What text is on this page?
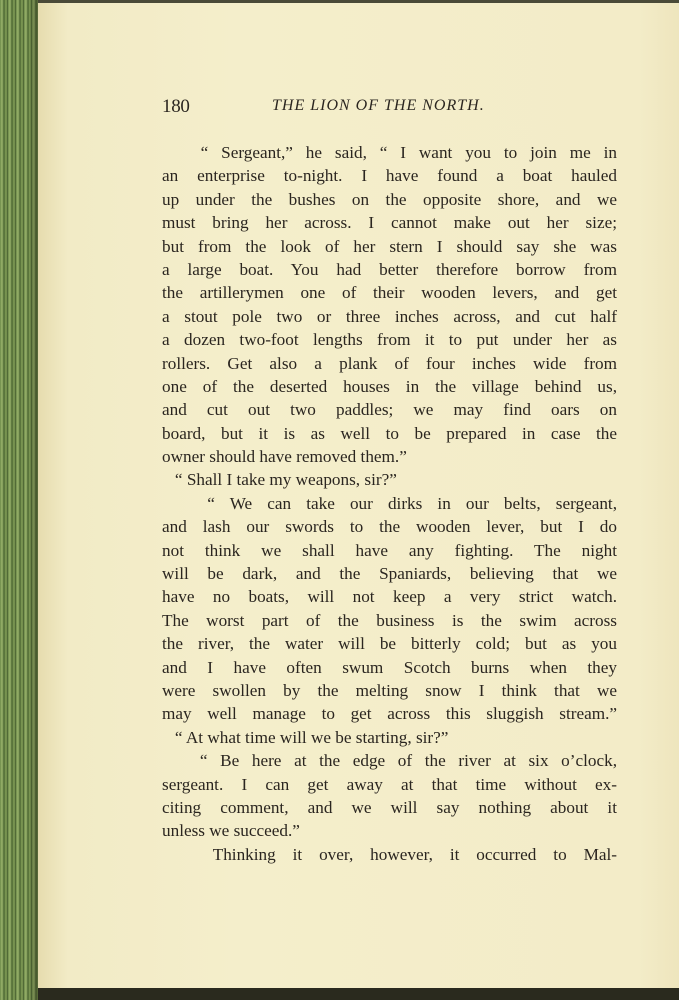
180	THE LION OF THE NORTH.
“ Sergeant,” he said, “ I want you to join me in
an enterprise to-night. I have found a boat hauled
up under the bushes on the opposite shore, and we
must bring her across. I cannot make out her size;
but from the look of her stern I should say she was
a large boat. You had better therefore borrow from
the artillerymen one of their wooden levers, and get
a stout pole two or three inches across, and cut half
a dozen two-foot lengths from it to put under her as
rollers. Get also a plank of four inches wide from
one of the deserted houses in the village behind us,
and cut out two paddles; we may find oars on
board, but it is as well to be prepared in case the
owner should have removed them.”
“ Shall I take my weapons, sir?”
“ We can take our dirks in our belts, sergeant,
and lash our swords to the wooden lever, but I do
not think we shall have any fighting. The night
will be dark, and the Spaniards, believing that we
have no boats, will not keep a very strict watch.
The worst part of the business is the swim across
the river, the water will be bitterly cold; but as you
and I have often swum Scotch burns when they
were swollen by the melting snow I think that we
may well manage to get across this sluggish stream.”
“ At what time will we be starting, sir?”
“ Be here at the edge of the river at six o’clock,
sergeant. I can get away at that time without ex-
citing comment, and we will say nothing about it
unless we succeed.”
Thinking it over, however, it occurred to Mal-
